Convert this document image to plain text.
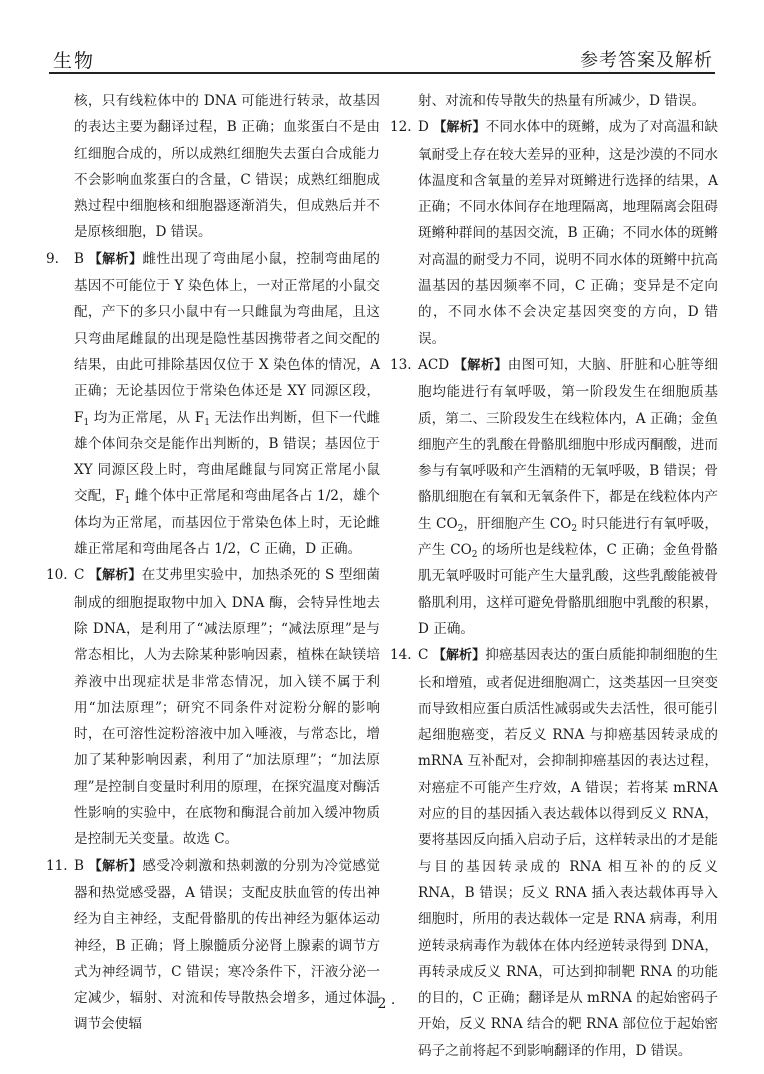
生物	参考答案及解析

核，只有线粒体中的 DNA 可能进行转录，故基因的表达主要为翻译过程，B 正确；血浆蛋白不是由红细胞合成的，所以成熟红细胞失去蛋白合成能力不会影响血浆蛋白的含量，C 错误；成熟红细胞成熟过程中细胞核和细胞器逐渐消失，但成熟后并不是原核细胞，D 错误。

9.	B 【解析】雌性出现了弯曲尾小鼠，控制弯曲尾的基因不可能位于 Y 染色体上，一对正常尾的小鼠交配，产下的多只小鼠中有一只雌鼠为弯曲尾，且这只弯曲尾雌鼠的出现是隐性基因携带者之间交配的结果，由此可排除基因仅位于 X 染色体的情况，A 正确；无论基因位于常染色体还是 XY 同源区段，$F_1$ 均为正常尾，从 $F_1$ 无法作出判断，但下一代雌雄个体间杂交是能作出判断的，B 错误；基因位于 XY 同源区段上时，弯曲尾雌鼠与同窝正常尾小鼠交配，$F_1$ 雌个体中正常尾和弯曲尾各占 1/2，雄个体均为正常尾，而基因位于常染色体上时，无论雌雄正常尾和弯曲尾各占 1/2，C 正确，D 正确。

10. C 【解析】在艾弗里实验中，加热杀死的 S 型细菌制成的细胞提取物中加入 DNA 酶，会特异性地去除 DNA，是利用了“减法原理”；“减法原理”是与常态相比，人为去除某种影响因素，植株在缺镁培养液中出现症状是非常态情况，加入镁不属于利用“加法原理”；研究不同条件对淀粉分解的影响时，在可溶性淀粉溶液中加入唾液，与常态比，增加了某种影响因素，利用了“加法原理”；“加法原理”是控制自变量时利用的原理，在探究温度对酶活性影响的实验中，在底物和酶混合前加入缓冲物质是控制无关变量。故选 C。

11. B 【解析】感受冷刺激和热刺激的分别为冷觉感觉器和热觉感受器，A 错误；支配皮肤血管的传出神经为自主神经，支配骨骼肌的传出神经为躯体运动神经，B 正确；肾上腺髓质分泌肾上腺素的调节方式为神经调节，C 错误；寒冷条件下，汗液分泌一定减少，辐射、对流和传导散热会增多，通过体温调节会使辐

射、对流和传导散失的热量有所减少，D 错误。

12. D 【解析】不同水体中的斑鳉，成为了对高温和缺氧耐受上存在较大差异的亚种，这是沙漠的不同水体温度和含氧量的差异对斑鳉进行选择的结果，A 正确；不同水体间存在地理隔离，地理隔离会阻碍斑鳉种群间的基因交流，B 正确；不同水体的斑鳉对高温的耐受力不同，说明不同水体的斑鳉中抗高温基因的基因频率不同，C 正确；变异是不定向的，不同水体不会决定基因突变的方向，D 错误。

13. ACD 【解析】由图可知，大脑、肝脏和心脏等细胞均能进行有氧呼吸，第一阶段发生在细胞质基质，第二、三阶段发生在线粒体内，A 正确；金鱼细胞产生的乳酸在骨骼肌细胞中形成丙酮酸，进而参与有氧呼吸和产生酒精的无氧呼吸，B 错误；骨骼肌细胞在有氧和无氧条件下，都是在线粒体内产生 $CO_2$，肝细胞产生 $CO_2$ 时只能进行有氧呼吸，产生 $CO_2$ 的场所也是线粒体，C 正确；金鱼骨骼肌无氧呼吸时可能产生大量乳酸，这些乳酸能被骨骼肌利用，这样可避免骨骼肌细胞中乳酸的积累，D 正确。

14. C 【解析】抑癌基因表达的蛋白质能抑制细胞的生长和增殖，或者促进细胞凋亡，这类基因一旦突变而导致相应蛋白质活性减弱或失去活性，很可能引起细胞癌变，若反义 RNA 与抑癌基因转录成的 mRNA 互补配对，会抑制抑癌基因的表达过程，对癌症不可能产生疗效，A 错误；若将某 mRNA 对应的目的基因插入表达载体以得到反义 RNA，要将基因反向插入启动子后，这样转录出的才是能与目的基因转录成的 RNA 相互补的的反义 RNA，B 错误；反义 RNA 插入表达载体再导入细胞时，所用的表达载体一定是 RNA 病毒，利用逆转录病毒作为载体在体内经逆转录得到 DNA，再转录成反义 RNA，可达到抑制靶 RNA 的功能的目的，C 正确；翻译是从 mRNA 的起始密码子开始，反义 RNA 结合的靶 RNA 部位位于起始密码子之前将起不到影响翻译的作用，D 错误。

· 2 ·
